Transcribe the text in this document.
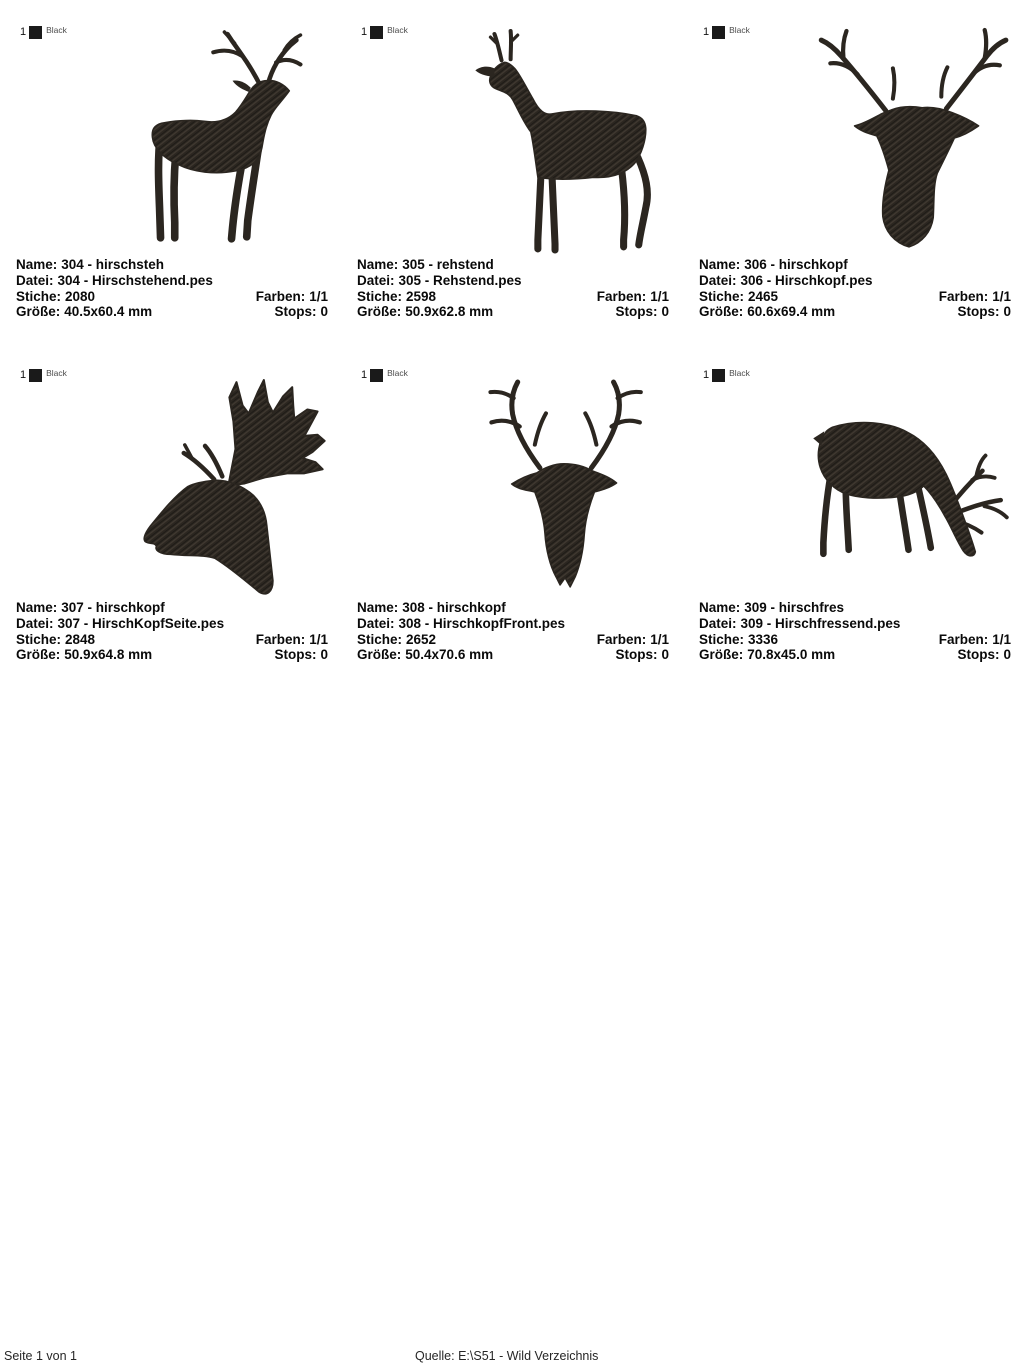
1 Black
Name: 304 - hirschsteh
Datei: 304 - Hirschstehend.pes
Stiche: 2080	Farben: 1/1
Größe: 40.5x60.4 mm	Stops: 0
1 Black
Name: 305 - rehstend
Datei: 305 - Rehstend.pes
Stiche: 2598	Farben: 1/1
Größe: 50.9x62.8 mm	Stops: 0
1 Black
Name: 306 - hirschkopf
Datei: 306 - Hirschkopf.pes
Stiche: 2465	Farben: 1/1
Größe: 60.6x69.4 mm	Stops: 0
1 Black
Name: 307 - hirschkopf
Datei: 307 - HirschKopfSeite.pes
Stiche: 2848	Farben: 1/1
Größe: 50.9x64.8 mm	Stops: 0
1 Black
Name: 308 - hirschkopf
Datei: 308 - HirschkopfFront.pes
Stiche: 2652	Farben: 1/1
Größe: 50.4x70.6 mm	Stops: 0
1 Black
Name: 309 - hirschfres
Datei: 309 - Hirschfressend.pes
Stiche: 3336	Farben: 1/1
Größe: 70.8x45.0 mm	Stops: 0
Seite 1 von 1	Quelle: E:\S51 - Wild Verzeichnis
